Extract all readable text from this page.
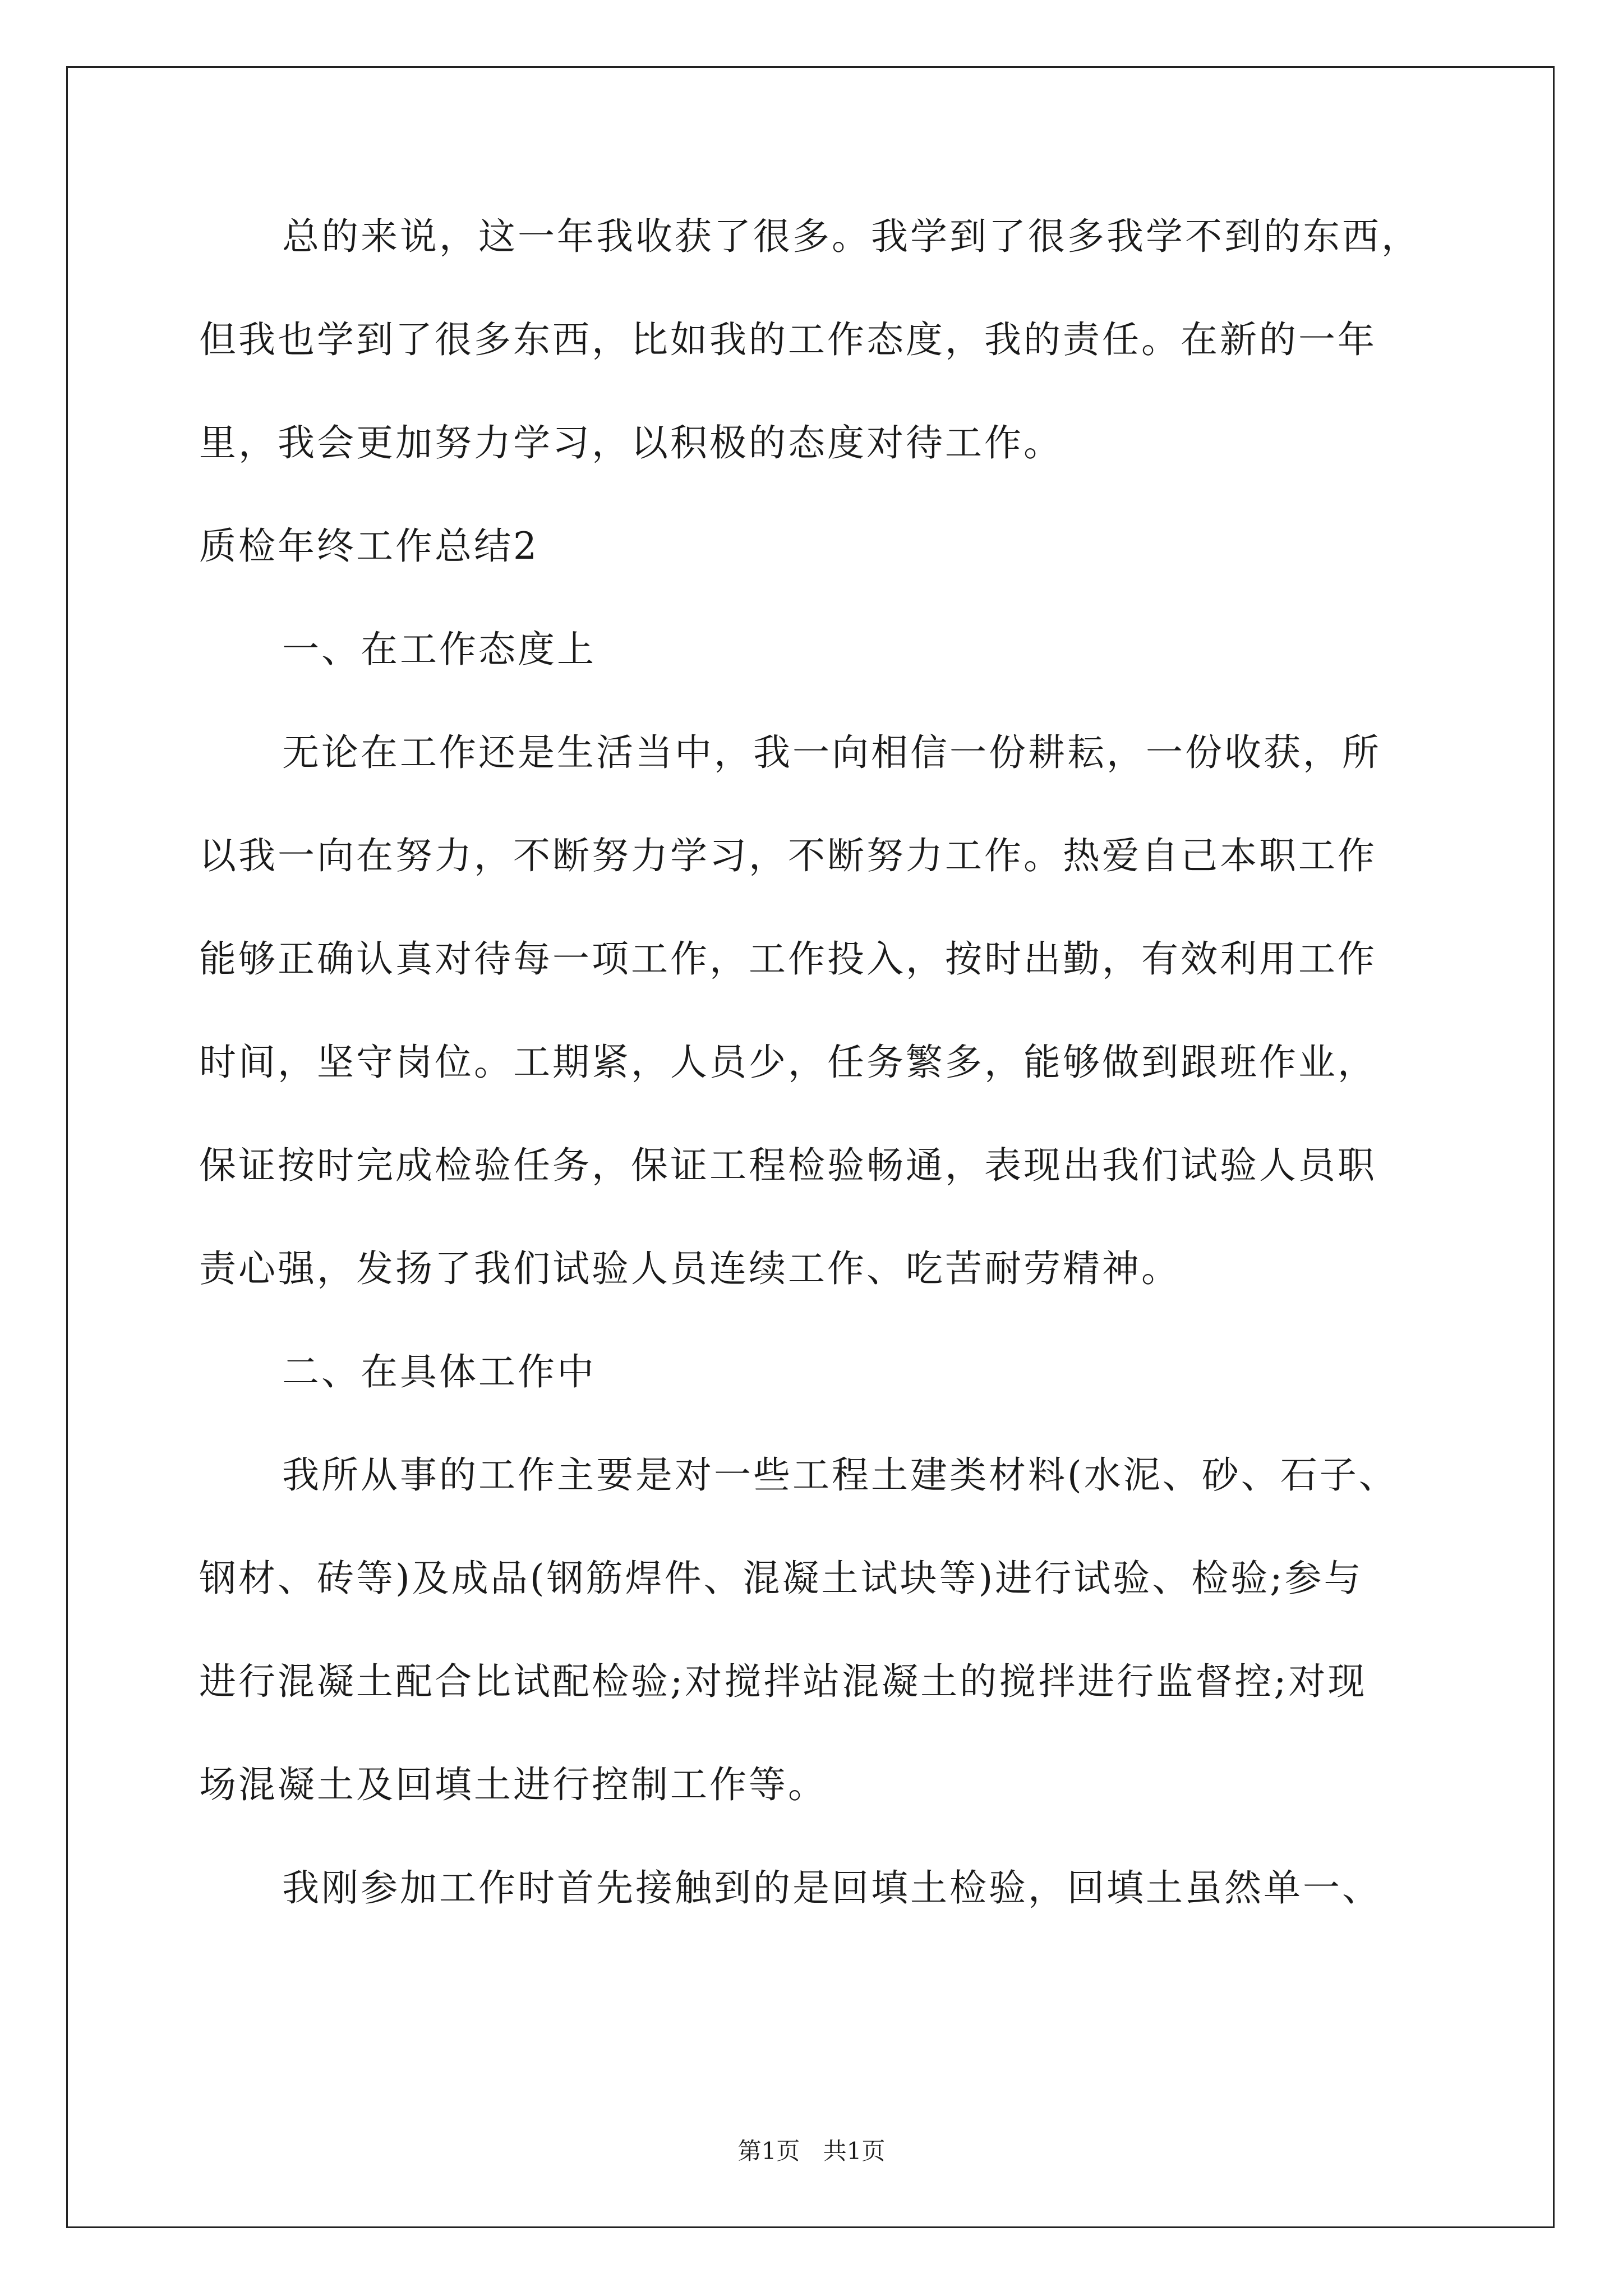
总的来说，这一年我收获了很多。我学到了很多我学不到的东西，
但我也学到了很多东西，比如我的工作态度，我的责任。在新的一年
里，我会更加努力学习，以积极的态度对待工作。
质检年终工作总结2
一、在工作态度上
无论在工作还是生活当中，我一向相信一份耕耘，一份收获，所
以我一向在努力，不断努力学习，不断努力工作。热爱自己本职工作
能够正确认真对待每一项工作，工作投入，按时出勤，有效利用工作
时间，坚守岗位。工期紧，人员少，任务繁多，能够做到跟班作业，
保证按时完成检验任务，保证工程检验畅通，表现出我们试验人员职
责心强，发扬了我们试验人员连续工作、吃苦耐劳精神。
二、在具体工作中
我所从事的工作主要是对一些工程土建类材料(水泥、砂、石子、
钢材、砖等)及成品(钢筋焊件、混凝土试块等)进行试验、检验;参与
进行混凝土配合比试配检验;对搅拌站混凝土的搅拌进行监督控;对现
场混凝土及回填土进行控制工作等。
我刚参加工作时首先接触到的是回填土检验，回填土虽然单一、
第1页 共1页
